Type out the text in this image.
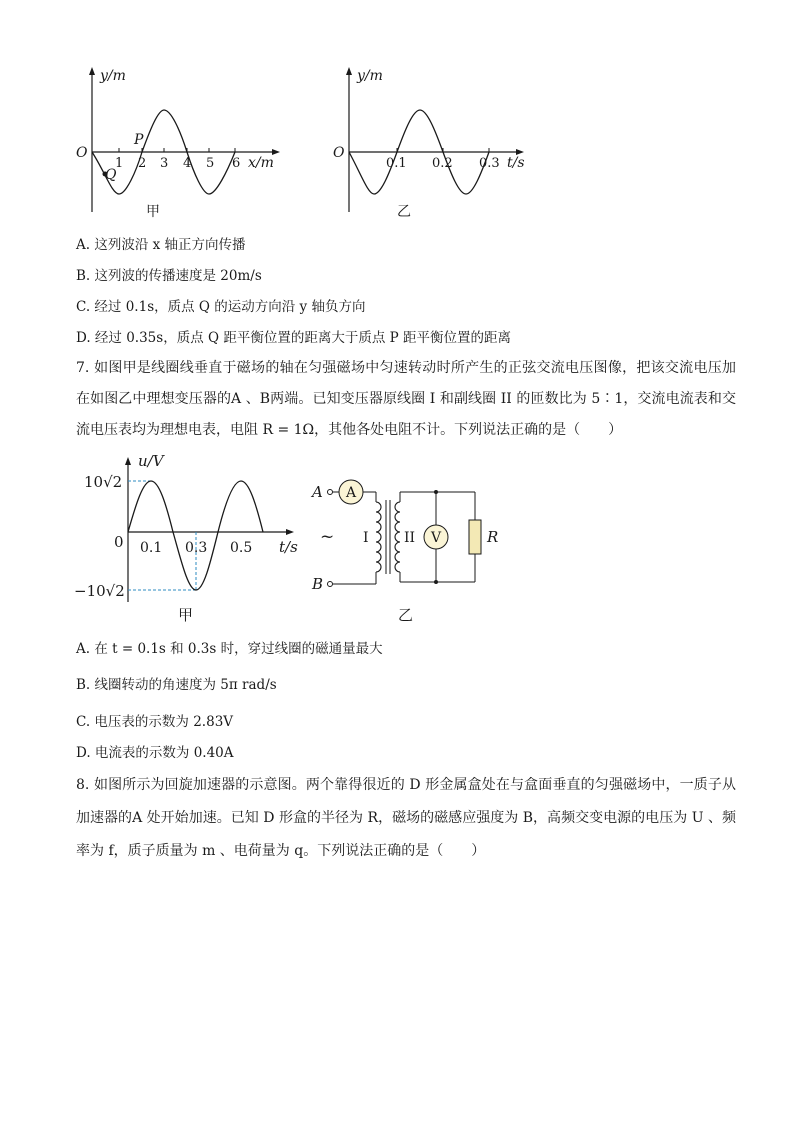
y/m
O
1 2 3 4 5 6 x/m
P
Q
甲
y/m
O
0.1 0.2 0.3 t/s
乙
A. 这列波沿 x 轴正方向传播
B. 这列波的传播速度是 20m/s
C. 经过 0.1s，质点 Q 的运动方向沿 y 轴负方向
D. 经过 0.35s，质点 Q 距平衡位置的距离大于质点 P 距平衡位置的距离
7. 如图甲是线圈线垂直于磁场的轴在匀强磁场中匀速转动时所产生的正弦交流电压图像，把该交流电压加在如图乙中理想变压器的A 、B两端。已知变压器原线圈 I 和副线圈 II 的匝数比为 5∶1，交流电流表和交流电压表均为理想电表，电阻 R = 1Ω，其他各处电阻不计。下列说法正确的是（　　）
10√2
−10√2
u/V
0 0.1 0.3 0.5 t/s
甲
A
B
A
V	R
~ I	II
乙
A. 在 t = 0.1s 和 0.3s 时，穿过线圈的磁通量最大
B. 线圈转动的角速度为 5π rad/s
C. 电压表的示数为 2.83V
D. 电流表的示数为 0.40A
8. 如图所示为回旋加速器的示意图。两个靠得很近的 D 形金属盒处在与盒面垂直的匀强磁场中，一质子从加速器的A 处开始加速。已知 D 形盒的半径为 R，磁场的磁感应强度为 B，高频交变电源的电压为 U 、频率为 f，质子质量为 m 、电荷量为 q。下列说法正确的是（　　）
